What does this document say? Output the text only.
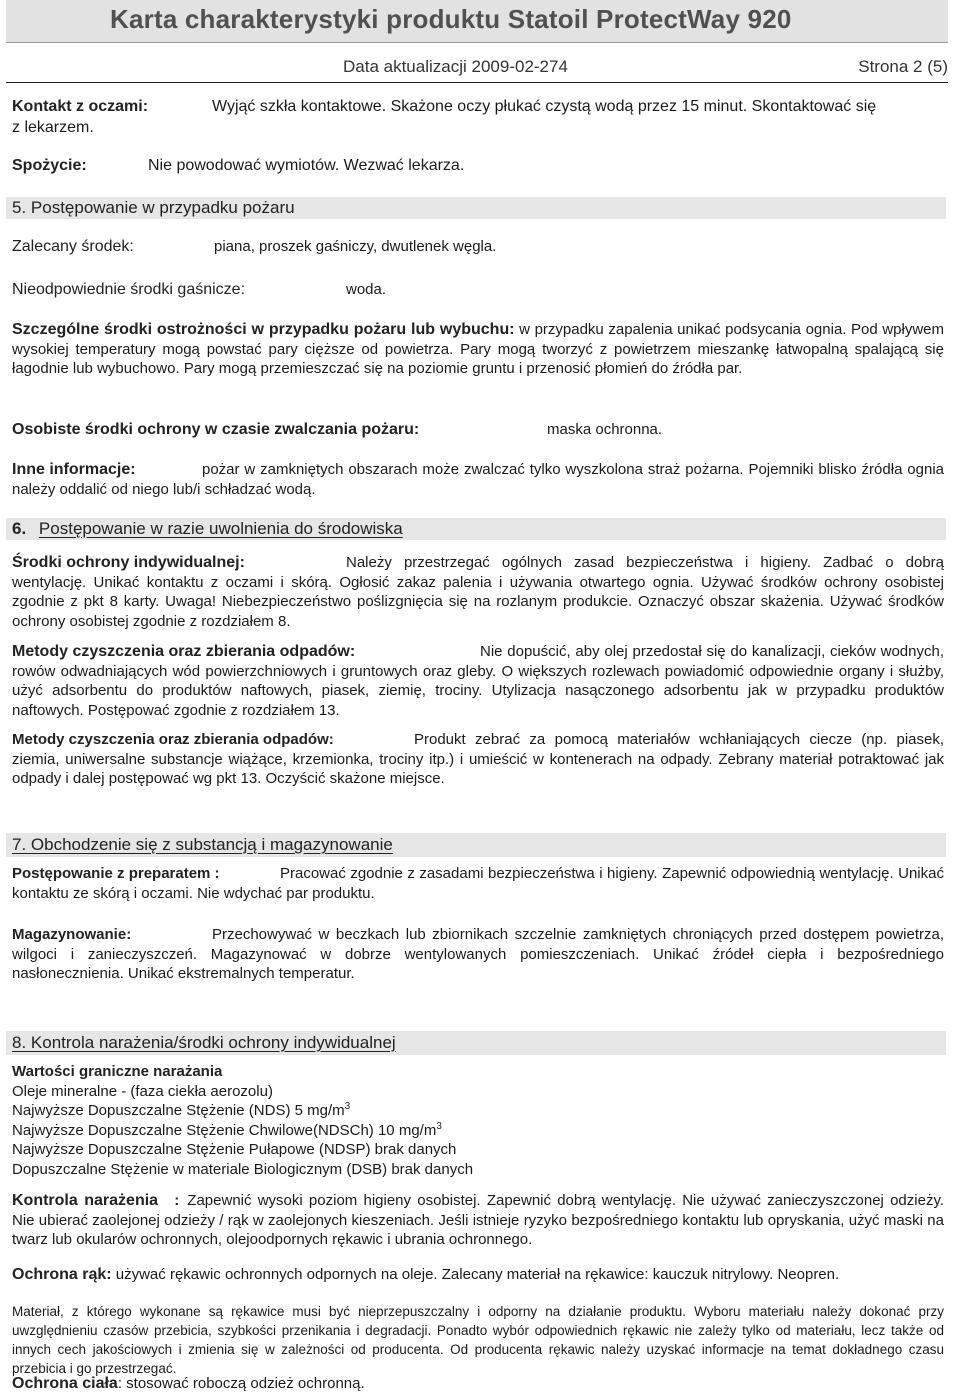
Karta charakterystyki produktu Statoil ProtectWay 920
Data aktualizacji 2009-02-274	Strona 2 (5)
Kontakt z oczami:	Wyjąć szkła kontaktowe. Skażone oczy płukać czystą wodą przez 15 minut. Skontaktować się
z lekarzem.
Spożycie:	Nie powodować wymiotów. Wezwać lekarza.
5. Postępowanie w przypadku pożaru
Zalecany środek:	piana, proszek gaśniczy, dwutlenek węgla.
Nieodpowiednie środki gaśnicze:	woda.
Szczególne środki ostrożności w przypadku pożaru lub wybuchu: w przypadku zapalenia unikać podsycania ognia. Pod wpływem wysokiej temperatury mogą powstać pary cięższe od powietrza. Pary mogą tworzyć z powietrzem mieszankę łatwopalną spalającą się łagodnie lub wybuchowo. Pary mogą przemieszczać się na poziomie gruntu i przenosić płomień do źródła par.
Osobiste środki ochrony w czasie zwalczania pożaru:	maska ochronna.
Inne informacje:	pożar w zamkniętych obszarach może zwalczać tylko wyszkolona straż pożarna. Pojemniki blisko źródła ognia należy oddalić od niego lub/i schładzać wodą.
6. Postępowanie w razie uwolnienia do środowiska
Środki ochrony indywidualnej:	Należy przestrzegać ogólnych zasad bezpieczeństwa i higieny. Zadbać o dobrą wentylację. Unikać kontaktu z oczami i skórą. Ogłosić zakaz palenia i używania otwartego ognia. Używać środków ochrony osobistej zgodnie z pkt 8 karty. Uwaga! Niebezpieczeństwo poślizgnięcia się na rozlanym produkcie. Oznaczyć obszar skażenia. Używać środków ochrony osobistej zgodnie z rozdziałem 8.
Metody czyszczenia oraz zbierania odpadów:	Nie dopuścić, aby olej przedostał się do kanalizacji, cieków wodnych, rowów odwadniających wód powierzchniowych i gruntowych oraz gleby. O większych rozlewach powiadomić odpowiednie organy i służby, użyć adsorbentu do produktów naftowych, piasek, ziemię, trociny. Utylizacja nasączonego adsorbentu jak w przypadku produktów naftowych. Postępować zgodnie z rozdziałem 13.
Metody czyszczenia oraz zbierania odpadów:	Produkt zebrać za pomocą materiałów wchłaniających ciecze (np. piasek, ziemia, uniwersalne substancje wiążące, krzemionka, trociny itp.) i umieścić w kontenerach na odpady. Zebrany materiał potraktować jak odpady i dalej postępować wg pkt 13. Oczyścić skażone miejsce.
7. Obchodzenie się z substancją i magazynowanie
Postępowanie z preparatem :	Pracować zgodnie z zasadami bezpieczeństwa i higieny. Zapewnić odpowiednią wentylację. Unikać kontaktu ze skórą i oczami. Nie wdychać par produktu.
Magazynowanie:	Przechowywać w beczkach lub zbiornikach szczelnie zamkniętych chroniących przed dostępem powietrza, wilgoci i zanieczyszczeń. Magazynować w dobrze wentylowanych pomieszczeniach. Unikać źródeł ciepła i bezpośredniego nasłonecznienia. Unikać ekstremalnych temperatur.
8. Kontrola narażenia/środki ochrony indywidualnej
Wartości graniczne narażania
Oleje mineralne - (faza ciekła aerozolu)
Najwyższe Dopuszczalne Stężenie (NDS) 5 $mg/m^3$
Najwyższe Dopuszczalne Stężenie Chwilowe(NDSCh) 10 $mg/m^3$
Najwyższe Dopuszczalne Stężenie Pułapowe (NDSP) brak danych
Dopuszczalne Stężenie w materiale Biologicznym (DSB) brak danych
Kontrola narażenia : Zapewnić wysoki poziom higieny osobistej. Zapewnić dobrą wentylację. Nie używać zanieczyszczonej odzieży. Nie ubierać zaolejonej odzieży / rąk w zaolejonych kieszeniach. Jeśli istnieje ryzyko bezpośredniego kontaktu lub opryskania, użyć maski na twarz lub okularów ochronnych, olejoodpornych rękawic i ubrania ochronnego.
Ochrona rąk: używać rękawic ochronnych odpornych na oleje. Zalecany materiał na rękawice: kauczuk nitrylowy. Neopren.
Materiał, z którego wykonane są rękawice musi być nieprzepuszczalny i odporny na działanie produktu. Wyboru materiału należy dokonać przy uwzględnieniu czasów przebicia, szybkości przenikania i degradacji. Ponadto wybór odpowiednich rękawic nie zależy tylko od materiału, lecz także od innych cech jakościowych i zmienia się w zależności od producenta. Od producenta rękawic należy uzyskać informacje na temat dokładnego czasu przebicia i go przestrzegać.
Ochrona ciała: stosować roboczą odzież ochronną.
